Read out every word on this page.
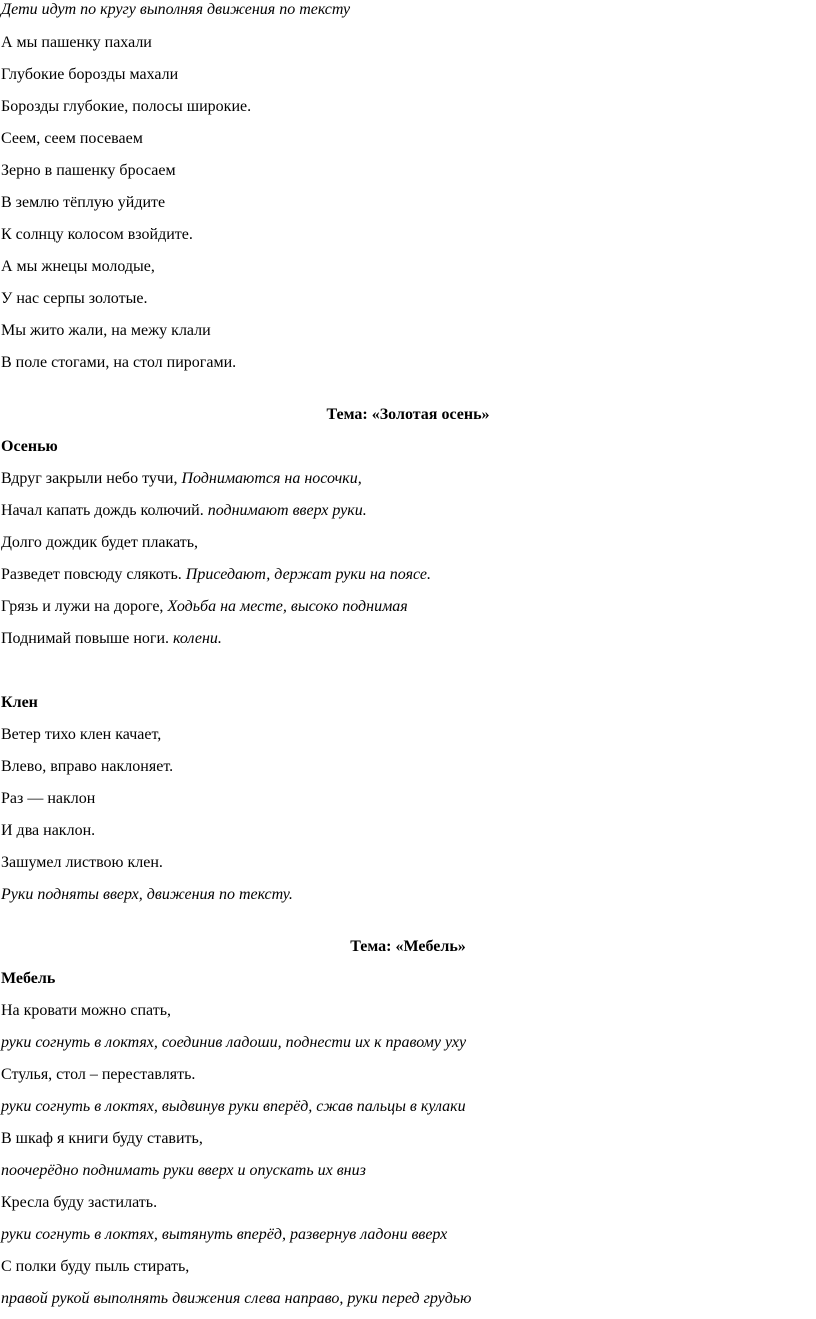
Дети идут по кругу выполняя движения по тексту
А мы пашенку пахали
Глубокие борозды махали
Борозды глубокие, полосы широкие.
Сеем, сеем посеваем
Зерно в пашенку бросаем
В землю тёплую уйдите
К солнцу колосом взойдите.
А мы жнецы молодые,
У нас серпы золотые.
Мы жито жали, на межу клали
В поле стогами, на стол пирогами.
Тема: «Золотая осень»
Осенью
Вдруг закрыли небо тучи, Поднимаются на носочки,
Начал капать дождь колючий. поднимают вверх руки.
Долго дождик будет плакать,
Разведет повсюду слякоть. Приседают, держат руки на поясе.
Грязь и лужи на дороге, Ходьба на месте, высоко поднимая
Поднимай повыше ноги. колени.
Клен
Ветер тихо клен качает,
Влево, вправо наклоняет.
Раз — наклон
И два наклон.
Зашумел листвою клен.
Руки подняты вверх, движения по тексту.
Тема: «Мебель»
Мебель
На кровати можно спать,
руки согнуть в локтях, соединив ладоши, поднести их к правому уху
Стулья, стол – переставлять.
руки согнуть в локтях, выдвинув руки вперёд, сжав пальцы в кулаки
В шкаф я книги буду ставить,
поочерёдно поднимать руки вверх и опускать их вниз
Кресла буду застилать.
руки согнуть в локтях, вытянуть вперёд, развернув ладони вверх
С полки буду пыль стирать,
правой рукой выполнять движения слева направо, руки перед грудью
